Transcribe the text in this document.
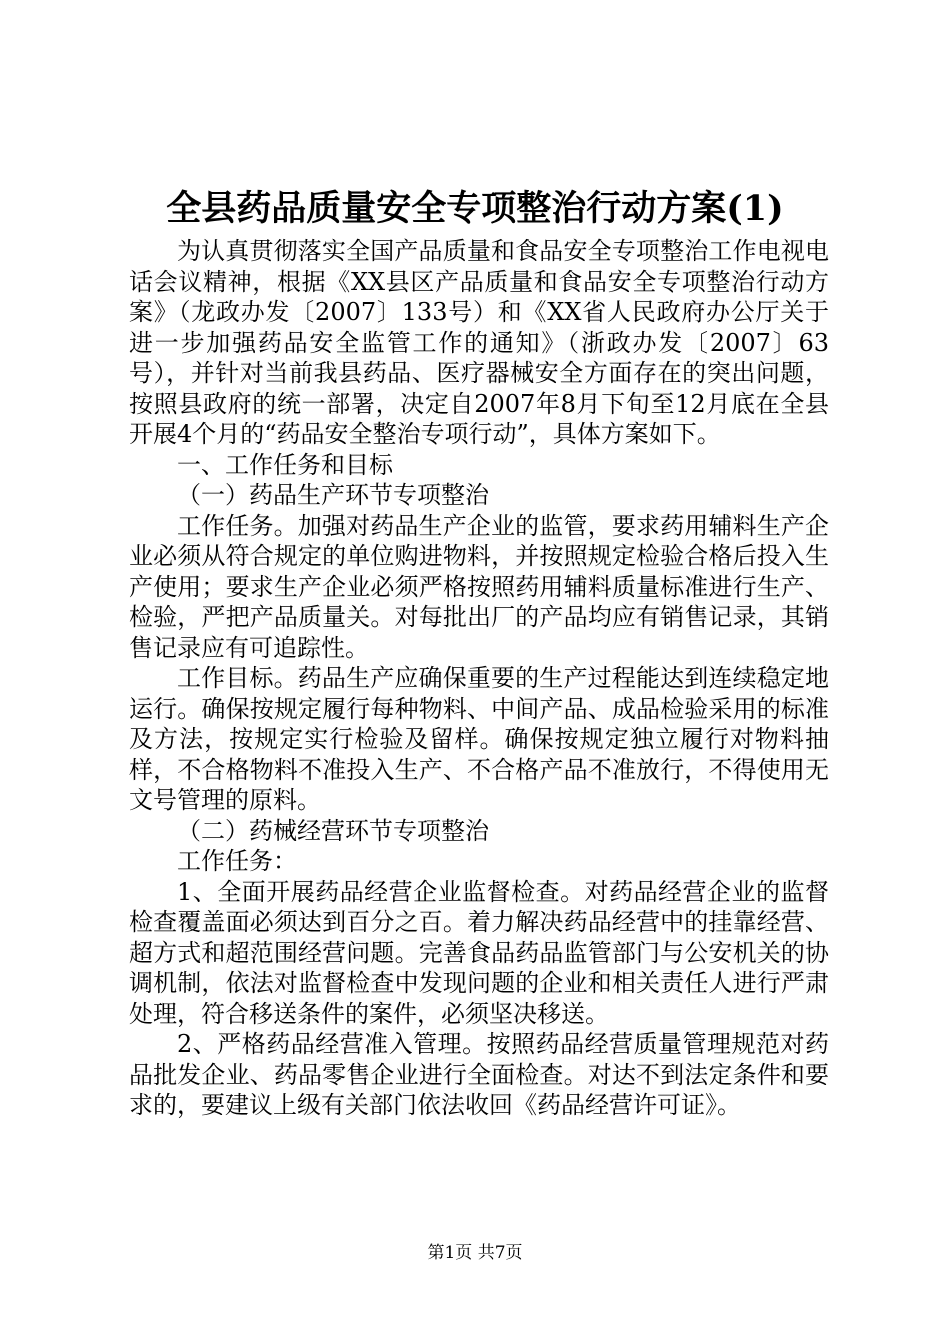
全县药品质量安全专项整治行动方案(1)

为认真贯彻落实全国产品质量和食品安全专项整治工作电视电话会议精神，根据《XX县区产品质量和食品安全专项整治行动方案》（龙政办发〔2007〕133号）和《XX省人民政府办公厅关于进一步加强药品安全监管工作的通知》（浙政办发〔2007〕63号），并针对当前我县药品、医疗器械安全方面存在的突出问题，按照县政府的统一部署，决定自2007年8月下旬至12月底在全县开展4个月的“药品安全整治专项行动”，具体方案如下。

一、工作任务和目标

（一）药品生产环节专项整治

工作任务。加强对药品生产企业的监管，要求药用辅料生产企业必须从符合规定的单位购进物料，并按照规定检验合格后投入生产使用；要求生产企业必须严格按照药用辅料质量标准进行生产、检验，严把产品质量关。对每批出厂的产品均应有销售记录，其销售记录应有可追踪性。

工作目标。药品生产应确保重要的生产过程能达到连续稳定地运行。确保按规定履行每种物料、中间产品、成品检验采用的标准及方法，按规定实行检验及留样。确保按规定独立履行对物料抽样，不合格物料不准投入生产、不合格产品不准放行，不得使用无文号管理的原料。

（二）药械经营环节专项整治

工作任务：

1、全面开展药品经营企业监督检查。对药品经营企业的监督检查覆盖面必须达到百分之百。着力解决药品经营中的挂靠经营、超方式和超范围经营问题。完善食品药品监管部门与公安机关的协调机制，依法对监督检查中发现问题的企业和相关责任人进行严肃处理，符合移送条件的案件，必须坚决移送。

2、严格药品经营准入管理。按照药品经营质量管理规范对药品批发企业、药品零售企业进行全面检查。对达不到法定条件和要求的，要建议上级有关部门依法收回《药品经营许可证》。

第1页 共7页
